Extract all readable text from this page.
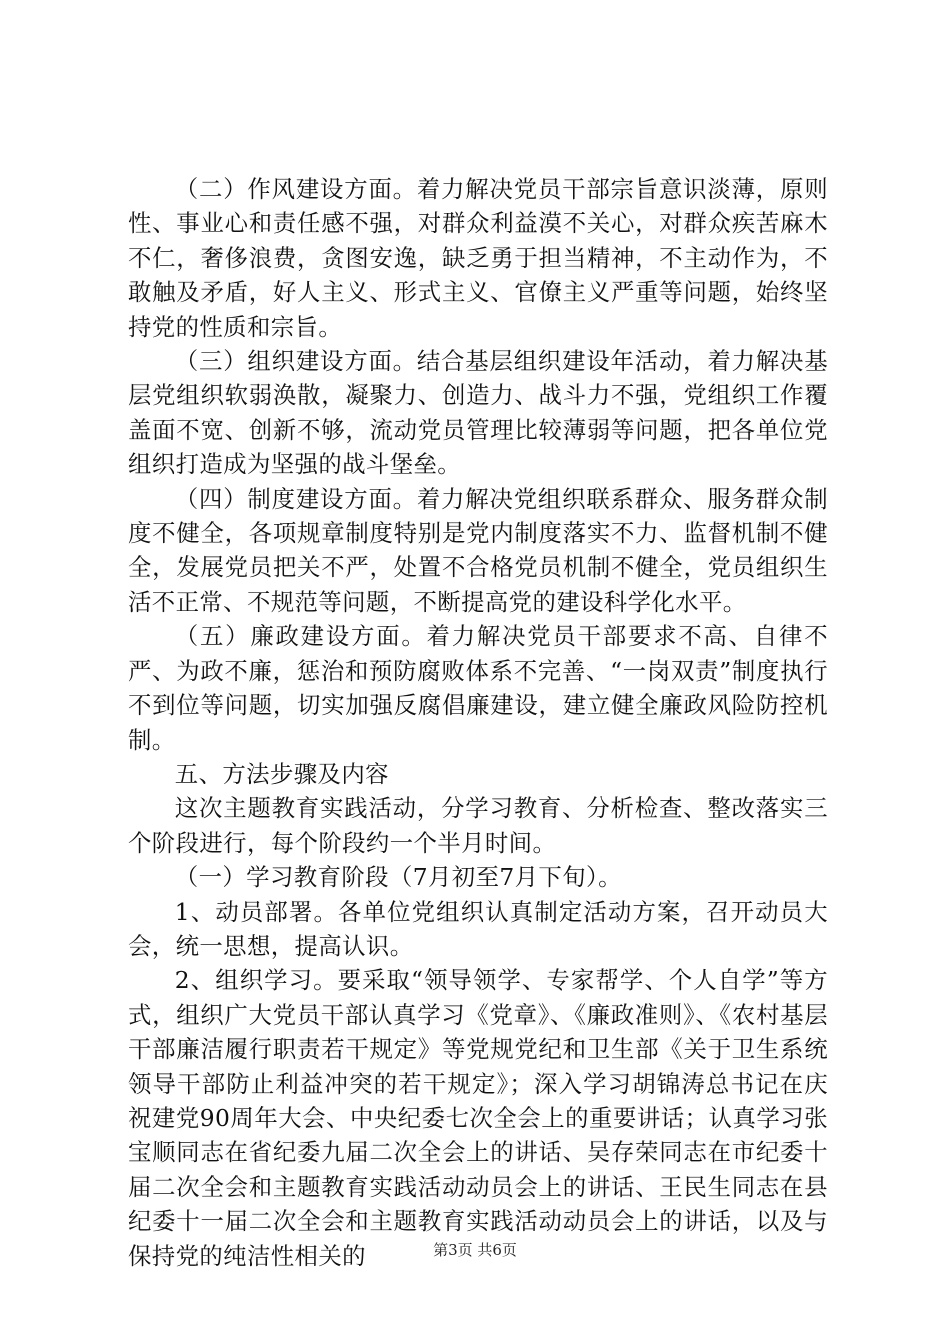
（二）作风建设方面。着力解决党员干部宗旨意识淡薄，原则性、事业心和责任感不强，对群众利益漠不关心，对群众疾苦麻木不仁，奢侈浪费，贪图安逸，缺乏勇于担当精神，不主动作为，不敢触及矛盾，好人主义、形式主义、官僚主义严重等问题，始终坚持党的性质和宗旨。

（三）组织建设方面。结合基层组织建设年活动，着力解决基层党组织软弱涣散，凝聚力、创造力、战斗力不强，党组织工作覆盖面不宽、创新不够，流动党员管理比较薄弱等问题，把各单位党组织打造成为坚强的战斗堡垒。

（四）制度建设方面。着力解决党组织联系群众、服务群众制度不健全，各项规章制度特别是党内制度落实不力、监督机制不健全，发展党员把关不严，处置不合格党员机制不健全，党员组织生活不正常、不规范等问题，不断提高党的建设科学化水平。

（五）廉政建设方面。着力解决党员干部要求不高、自律不严、为政不廉，惩治和预防腐败体系不完善、“一岗双责”制度执行不到位等问题，切实加强反腐倡廉建设，建立健全廉政风险防控机制。

五、方法步骤及内容

这次主题教育实践活动，分学习教育、分析检查、整改落实三个阶段进行，每个阶段约一个半月时间。

（一）学习教育阶段（7月初至7月下旬）。

1、动员部署。各单位党组织认真制定活动方案，召开动员大会，统一思想，提高认识。

2、组织学习。要采取“领导领学、专家帮学、个人自学”等方式，组织广大党员干部认真学习《党章》、《廉政准则》、《农村基层干部廉洁履行职责若干规定》等党规党纪和卫生部《关于卫生系统领导干部防止利益冲突的若干规定》；深入学习胡锦涛总书记在庆祝建党90周年大会、中央纪委七次全会上的重要讲话；认真学习张宝顺同志在省纪委九届二次全会上的讲话、吴存荣同志在市纪委十届二次全会和主题教育实践活动动员会上的讲话、王民生同志在县纪委十一届二次全会和主题教育实践活动动员会上的讲话，以及与保持党的纯洁性相关的	第3页 共6页
